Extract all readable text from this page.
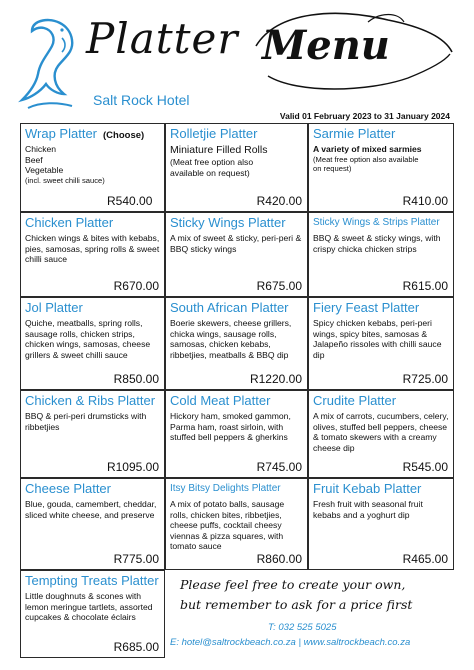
Platter Menu
Salt Rock Hotel
Valid 01 February 2023 to 31 January 2024
Wrap Platter (Choose)
Chicken
Beef
Vegetable
(incl. sweet chilli sauce)
R540.00
Rolletjie Platter
Miniature Filled Rolls
(Meat free option also
available on request)
R420.00
Sarmie Platter
A variety of mixed sarmies
(Meat free option also available
on request)
R410.00
Chicken Platter
Chicken wings & bites with kebabs, pies, samosas, spring rolls & sweet chilli sauce
R670.00
Sticky Wings Platter
A mix of sweet & sticky, peri-peri & BBQ sticky wings
R675.00
Sticky Wings & Strips Platter
BBQ & sweet & sticky wings, with crispy chicka chicken strips
R615.00
Jol Platter
Quiche, meatballs, spring rolls, sausage rolls, chicken strips, chicken wings, samosas, cheese grillers & sweet chilli sauce
R850.00
South African Platter
Boerie skewers, cheese grillers, chicka wings, sausage rolls, samosas, chicken kebabs, ribbetjies, meatballs & BBQ dip
R1220.00
Fiery Feast Platter
Spicy chicken kebabs, peri-peri wings, spicy bites, samosas & Jalapeño rissoles with chilli sauce dip
R725.00
Chicken & Ribs Platter
BBQ & peri-peri drumsticks with ribbetjies
R1095.00
Cold Meat Platter
Hickory ham, smoked gammon, Parma ham, roast sirloin, with stuffed bell peppers & gherkins
R745.00
Crudite Platter
A mix of carrots, cucumbers, celery, olives, stuffed bell peppers, cheese & tomato skewers with a creamy cheese dip
R545.00
Cheese Platter
Blue, gouda, camembert, cheddar, sliced white cheese, and preserve
R775.00
Itsy Bitsy Delights Platter
A mix of potato balls, sausage rolls, chicken bites, ribbetjies, cheese puffs, cocktail cheesy viennas & pizza squares, with tomato sauce
R860.00
Fruit Kebab Platter
Fresh fruit with seasonal fruit kebabs and a yoghurt dip
R465.00
Tempting Treats Platter
Little doughnuts & scones with lemon meringue tartlets, assorted cupcakes & chocolate éclairs
R685.00
Please feel free to create your own,
but remember to ask for a price first
T: 032 525 5025
E: hotel@saltrockbeach.co.za | www.saltrockbeach.co.za
